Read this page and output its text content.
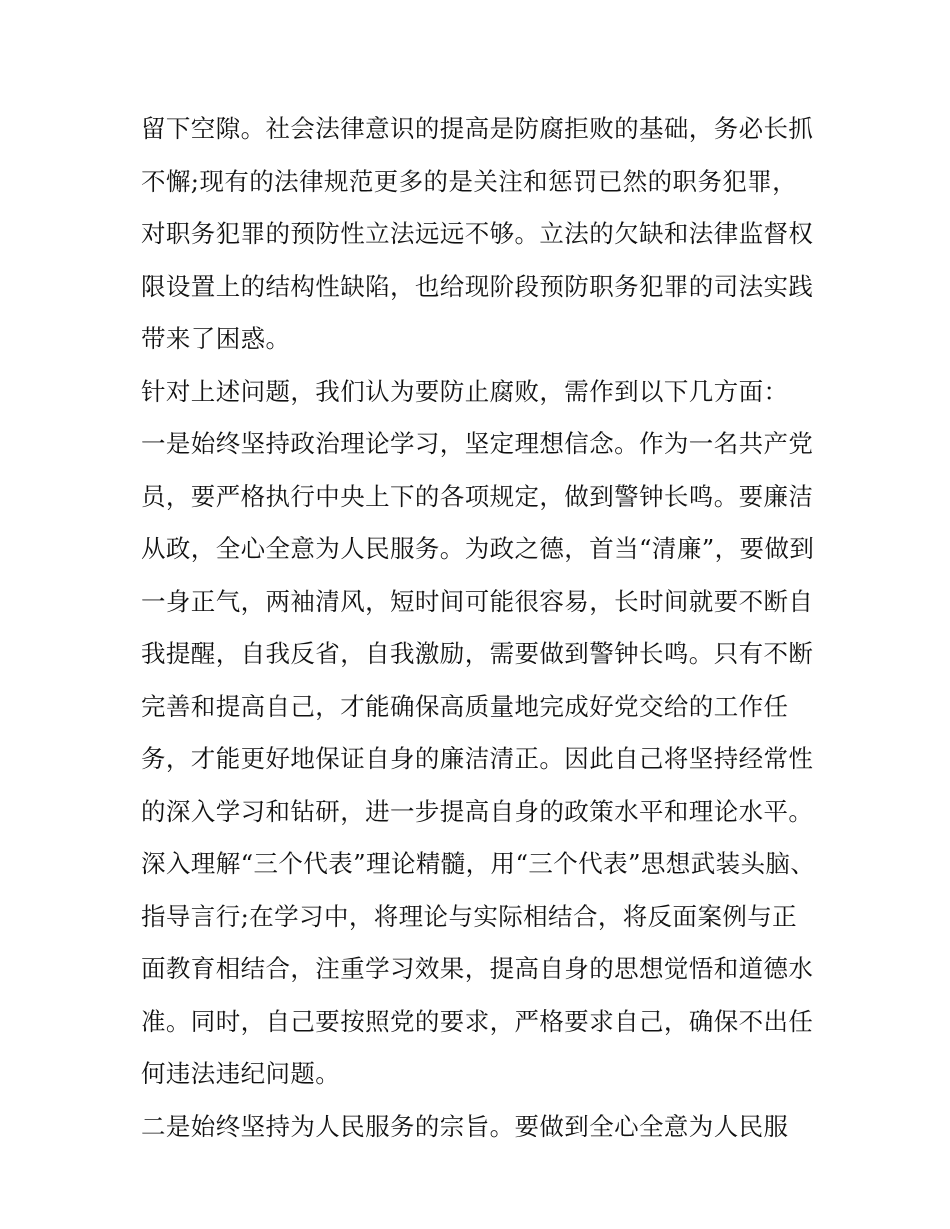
留下空隙。社会法律意识的提高是防腐拒败的基础，务必长抓
不懈;现有的法律规范更多的是关注和惩罚已然的职务犯罪，
对职务犯罪的预防性立法远远不够。立法的欠缺和法律监督权
限设置上的结构性缺陷，也给现阶段预防职务犯罪的司法实践
带来了困惑。
针对上述问题，我们认为要防止腐败，需作到以下几方面：
一是始终坚持政治理论学习，坚定理想信念。作为一名共产党
员，要严格执行中央上下的各项规定，做到警钟长鸣。要廉洁
从政，全心全意为人民服务。为政之德，首当“清廉”，要做到
一身正气，两袖清风，短时间可能很容易，长时间就要不断自
我提醒，自我反省，自我激励，需要做到警钟长鸣。只有不断
完善和提高自己，才能确保高质量地完成好党交给的工作任
务，才能更好地保证自身的廉洁清正。因此自己将坚持经常性
的深入学习和钻研，进一步提高自身的政策水平和理论水平。
深入理解“三个代表”理论精髓，用“三个代表”思想武装头脑、
指导言行;在学习中，将理论与实际相结合，将反面案例与正
面教育相结合，注重学习效果，提高自身的思想觉悟和道德水
准。同时，自己要按照党的要求，严格要求自己，确保不出任
何违法违纪问题。
二是始终坚持为人民服务的宗旨。要做到全心全意为人民服
